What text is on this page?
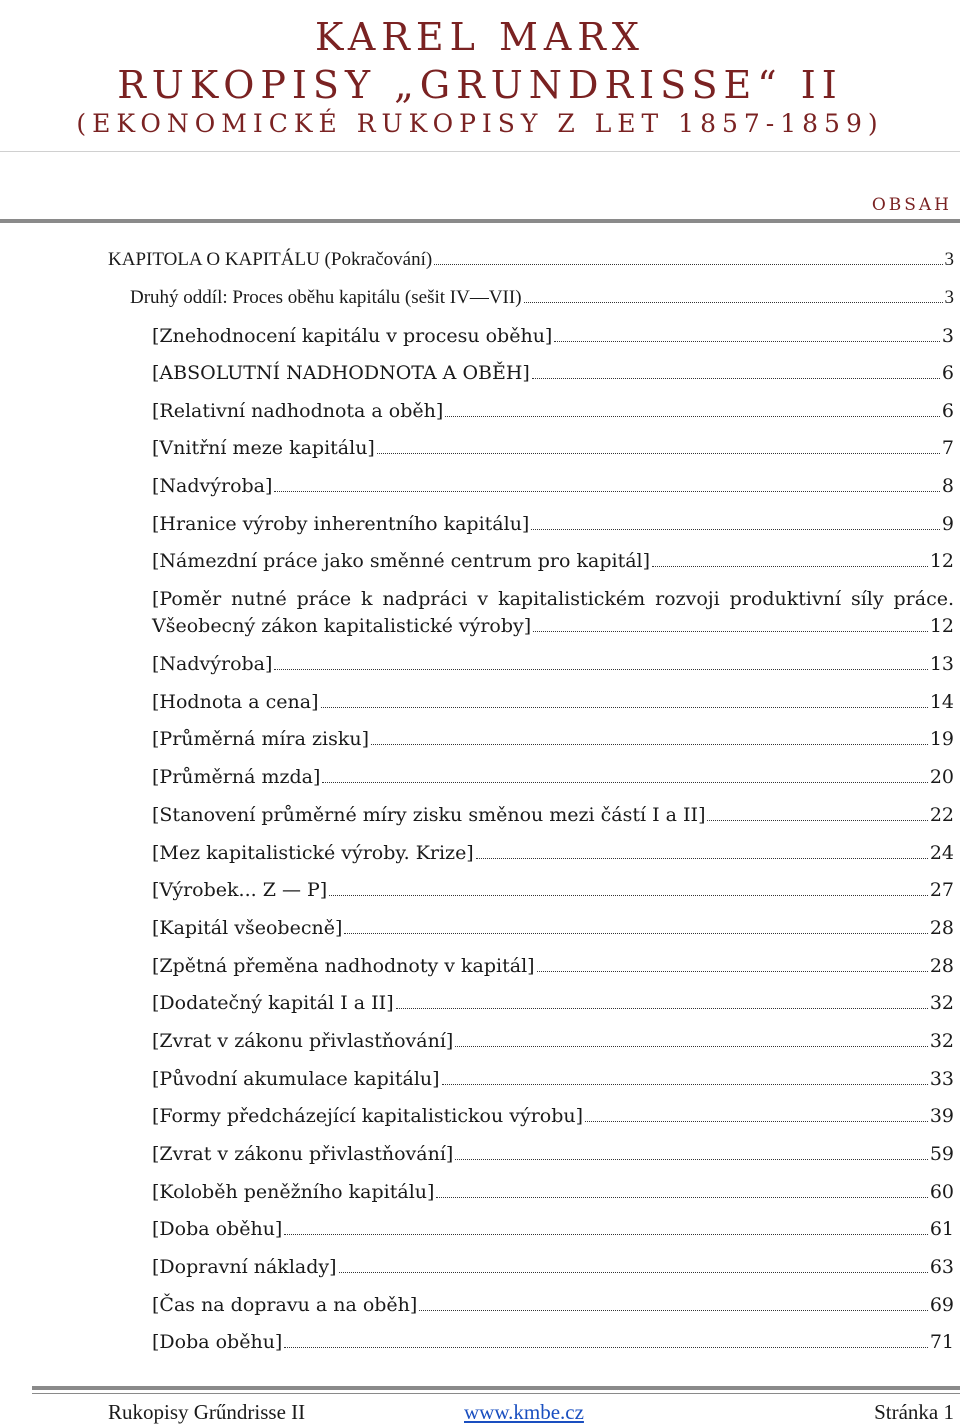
KAREL MARX
RUKOPISY „GRUNDRISSE“ II
(EKONOMICKÉ RUKOPISY Z LET 1857-1859)
OBSAH
KAPITOLA O KAPITÁLU (Pokračování)	3
Druhý oddíl: Proces oběhu kapitálu (sešit IV—VII)	3
[Znehodnocení kapitálu v procesu oběhu]	3
[ABSOLUTNÍ NADHODNOTA A OBĚH]	6
[Relativní nadhodnota a oběh]	6
[Vnitřní meze kapitálu]	7
[Nadvýroba]	8
[Hranice výroby inherentního kapitálu]	9
[Námezdní práce jako směnné centrum pro kapitál]	12
[Poměr nutné práce k nadpráci v kapitalistickém rozvoji produktivní síly práce.
Všeobecný zákon kapitalistické výroby]	12
[Nadvýroba]	13
[Hodnota a cena]	14
[Průměrná míra zisku]	19
[Průměrná mzda]	20
[Stanovení průměrné míry zisku směnou mezi částí I a II]	22
[Mez kapitalistické výroby. Krize]	24
[Výrobek... Z — P]	27
[Kapitál všeobecně]	28
[Zpětná přeměna nadhodnoty v kapitál]	28
[Dodatečný kapitál I a II]	32
[Zvrat v zákonu přivlastňování]	32
[Původní akumulace kapitálu]	33
[Formy předcházející kapitalistickou výrobu]	39
[Zvrat v zákonu přivlastňování]	59
[Koloběh peněžního kapitálu]	60
[Doba oběhu]	61
[Dopravní náklady]	63
[Čas na dopravu a na oběh]	69
[Doba oběhu]	71
Rukopisy Grűndrisse II	www.kmbe.cz	Stránka 1
